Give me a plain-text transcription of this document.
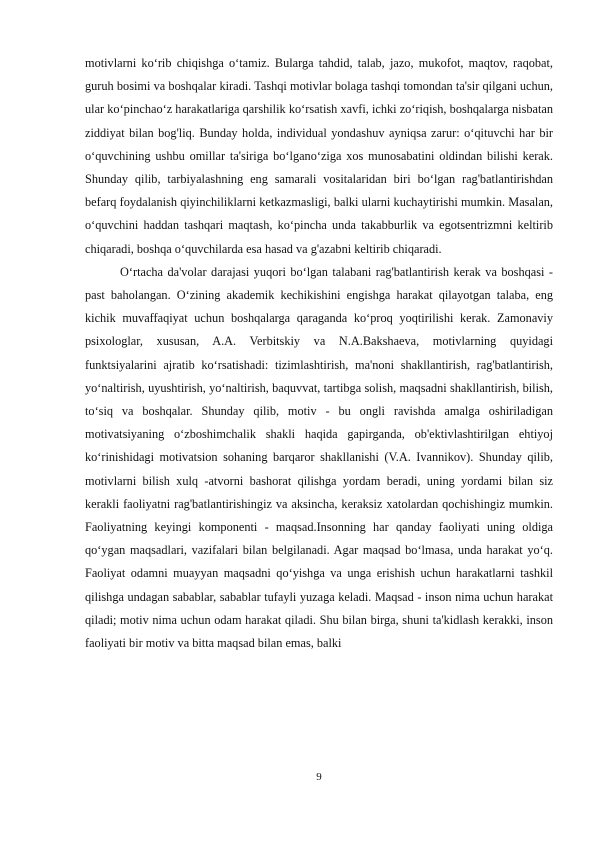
motivlarni ko‘rib chiqishga o‘tamiz. Bularga tahdid, talab, jazo, mukofot, maqtov, raqobat, guruh bosimi va boshqalar kiradi. Tashqi motivlar bolaga tashqi tomondan ta'sir qilgani uchun, ular ko‘pinchao‘z harakatlariga qarshilik ko‘rsatish xavfi, ichki zo‘riqish, boshqalarga nisbatan ziddiyat bilan bog'liq. Bunday holda, individual yondashuv ayniqsa zarur: o‘qituvchi har bir o‘quvchining ushbu omillar ta'siriga bo‘lgano‘ziga xos munosabatini oldindan bilishi kerak. Shunday qilib, tarbiyalashning eng samarali vositalaridan biri bo‘lgan rag'batlantirishdan befarq foydalanish qiyinchiliklarni ketkazmasligi, balki ularni kuchaytirishi mumkin. Masalan, o‘quvchini haddan tashqari maqtash, ko‘pincha unda takabburlik va egotsentrizmni keltirib chiqaradi, boshqa o‘quvchilarda esa hasad va g'azabni keltirib chiqaradi.

O‘rtacha da'volar darajasi yuqori bo‘lgan talabani rag'batlantirish kerak va boshqasi - past baholangan. O‘zining akademik kechikishini engishga harakat qilayotgan talaba, eng kichik muvaffaqiyat uchun boshqalarga qaraganda ko‘proq yoqtirilishi kerak. Zamonaviy psixologlar, xususan, A.A. Verbitskiy va N.A.Bakshaeva, motivlarning quyidagi funktsiyalarini ajratib ko‘rsatishadi: tizimlashtirish, ma'noni shakllantirish, rag'batlantirish, yo‘naltirish, uyushtirish, yo‘naltirish, baquvvat, tartibga solish, maqsadni shakllantirish, bilish, to‘siq va boshqalar. Shunday qilib, motiv - bu ongli ravishda amalga oshiriladigan motivatsiyaning o‘zboshimchalik shakli haqida gapirganda, ob'ektivlashtirilgan ehtiyoj ko‘rinishidagi motivatsion sohaning barqaror shakllanishi (V.A. Ivannikov). Shunday qilib, motivlarni bilish xulq -atvorni bashorat qilishga yordam beradi, uning yordami bilan siz kerakli faoliyatni rag'batlantirishingiz va aksincha, keraksiz xatolardan qochishingiz mumkin. Faoliyatning keyingi komponenti - maqsad.Insonning har qanday faoliyati uning oldiga qo‘ygan maqsadlari, vazifalari bilan belgilanadi. Agar maqsad bo‘lmasa, unda harakat yo‘q. Faoliyat odamni muayyan maqsadni qo‘yishga va unga erishish uchun harakatlarni tashkil qilishga undagan sabablar, sabablar tufayli yuzaga keladi. Maqsad - inson nima uchun harakat qiladi; motiv nima uchun odam harakat qiladi. Shu bilan birga, shuni ta'kidlash kerakki, inson faoliyati bir motiv va bitta maqsad bilan emas, balki

9
